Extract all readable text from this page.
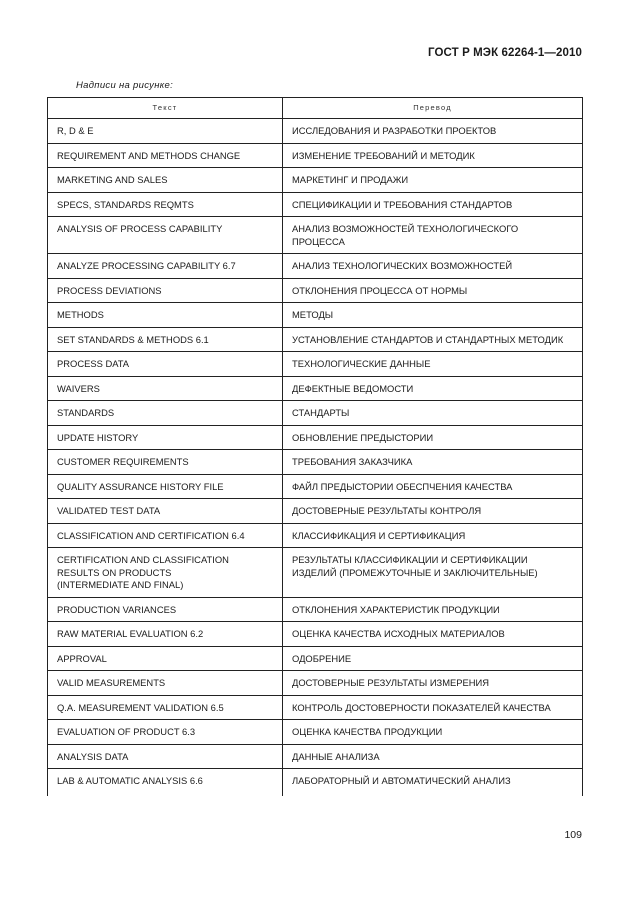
ГОСТ Р МЭК 62264-1—2010
Надписи на рисунке:
Текст	Перевод

R, D & E	ИССЛЕДОВАНИЯ И РАЗРАБОТКИ ПРОЕКТОВ

REQUIREMENT AND METHODS CHANGE	ИЗМЕНЕНИЕ ТРЕБОВАНИЙ И МЕТОДИК

MARKETING AND SALES	МАРКЕТИНГ И ПРОДАЖИ

SPECS, STANDARDS REQMTS	СПЕЦИФИКАЦИИ И ТРЕБОВАНИЯ СТАНДАРТОВ

ANALYSIS OF PROCESS CAPABILITY	АНАЛИЗ ВОЗМОЖНОСТЕЙ ТЕХНОЛОГИЧЕСКОГО
ПРОЦЕССА

ANALYZE PROCESSING CAPABILITY 6.7	АНАЛИЗ ТЕХНОЛОГИЧЕСКИХ ВОЗМОЖНОСТЕЙ

PROCESS DEVIATIONS	ОТКЛОНЕНИЯ ПРОЦЕССА ОТ НОРМЫ

METHODS	МЕТОДЫ

SET STANDARDS & METHODS 6.1	УСТАНОВЛЕНИЕ СТАНДАРТОВ И СТАНДАРТНЫХ МЕТОДИК

PROCESS DATA	ТЕХНОЛОГИЧЕСКИЕ ДАННЫЕ

WAIVERS	ДЕФЕКТНЫЕ ВЕДОМОСТИ

STANDARDS	СТАНДАРТЫ

UPDATE HISTORY	ОБНОВЛЕНИЕ ПРЕДЫСТОРИИ

CUSTOMER REQUIREMENTS	ТРЕБОВАНИЯ ЗАКАЗЧИКА

QUALITY ASSURANCE HISTORY FILE	ФАЙЛ ПРЕДЫСТОРИИ ОБЕСПЧЕНИЯ КАЧЕСТВА

VALIDATED TEST DATA	ДОСТОВЕРНЫЕ РЕЗУЛЬТАТЫ КОНТРОЛЯ

CLASSIFICATION AND CERTIFICATION 6.4	КЛАССИФИКАЦИЯ И СЕРТИФИКАЦИЯ

CERTIFICATION AND CLASSIFICATION
RESULTS ON PRODUCTS
(INTERMEDIATE AND FINAL)	РЕЗУЛЬТАТЫ КЛАССИФИКАЦИИ И СЕРТИФИКАЦИИ
ИЗДЕЛИЙ (ПРОМЕЖУТОЧНЫЕ И ЗАКЛЮЧИТЕЛЬНЫЕ)

PRODUCTION VARIANCES	ОТКЛОНЕНИЯ ХАРАКТЕРИСТИК ПРОДУКЦИИ

RAW MATERIAL EVALUATION 6.2	ОЦЕНКА КАЧЕСТВА ИСХОДНЫХ МАТЕРИАЛОВ

APPROVAL	ОДОБРЕНИЕ

VALID MEASUREMENTS	ДОСТОВЕРНЫЕ РЕЗУЛЬТАТЫ ИЗМЕРЕНИЯ

Q.A. MEASUREMENT VALIDATION 6.5	КОНТРОЛЬ ДОСТОВЕРНОСТИ ПОКАЗАТЕЛЕЙ КАЧЕСТВА

EVALUATION OF PRODUCT 6.3	ОЦЕНКА КАЧЕСТВА ПРОДУКЦИИ

ANALYSIS DATA	ДАННЫЕ АНАЛИЗА

LAB & AUTOMATIC ANALYSIS 6.6	ЛАБОРАТОРНЫЙ И АВТОМАТИЧЕСКИЙ АНАЛИЗ
109
